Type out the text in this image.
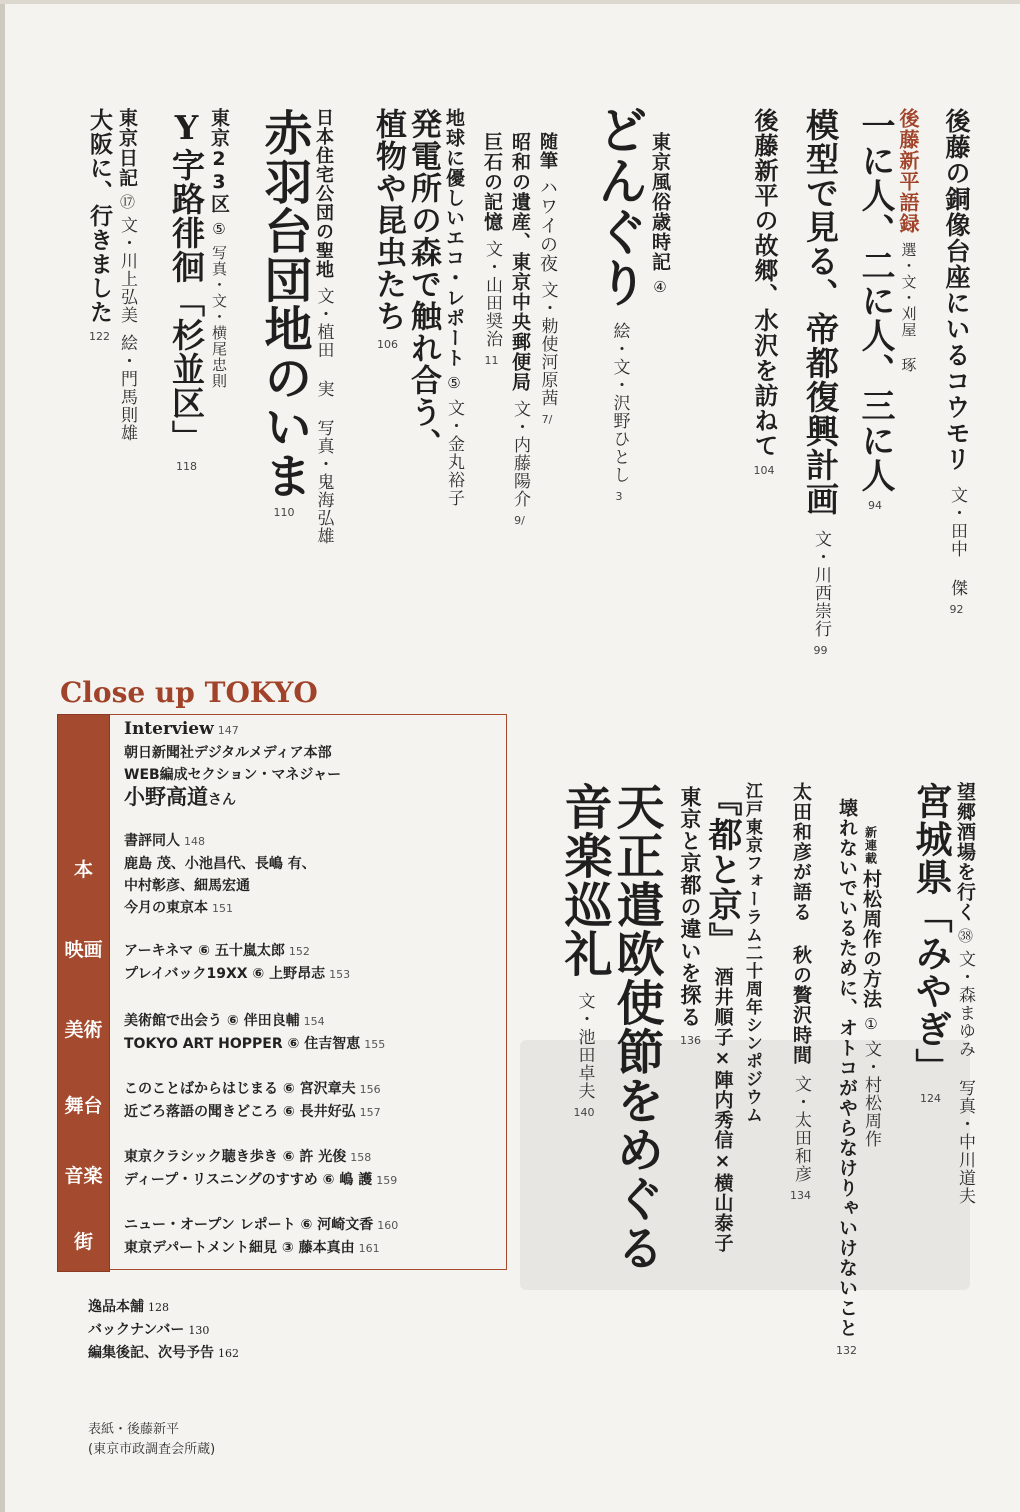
後藤の銅像台座にいるコウモリ
文・田中 傑
92
後藤新平の故郷、水沢を訪ねて
104
後藤新平語録
選・文・刈屋 琢
一に人、二に人、三に人
94
模型で見る、帝都復興計画
文・川西崇行
99
東京風俗歳時記
④
どんぐり
絵・文・沢野ひとし
3
随筆
ハワイの夜
文・勅使河原茜
7/
昭和の遺産、東京中央郵便局
文・内藤陽介
9/
巨石の記憶
文・山田奨治
11
地球に優しいエコ・レポート
⑤
文・金丸裕子
発電所の森で触れ合う、
植物や昆虫たち
106
日本住宅公団の聖地
文・植田 実 写真・鬼海弘雄
赤羽台団地のいま
110
東京23区
⑤
写真・文・横尾忠則
Y字路徘徊「杉並区」
118
東京日記
⑰
文・川上弘美
絵・門馬則雄
大阪に、行きました
122
Close up TOKYO
本
映画
美術
舞台
音楽
街
Interview 147
朝日新聞社デジタルメディア本部
WEB編成セクション・マネジャー
小野高道さん
書評同人 148
鹿島 茂、小池昌代、長嶋 有、
中村彰彦、細馬宏通
今月の東京本 151
アーキネマ ⑥ 五十嵐太郎 152
プレイバック19XX ⑥ 上野昂志 153
美術館で出会う ⑥ 伴田良輔 154
TOKYO ART HOPPER ⑥ 住吉智恵 155
このことばからはじまる ⑥ 宮沢章夫 156
近ごろ落語の聞きどころ ⑥ 長井好弘 157
東京クラシック聴き歩き ⑥ 許 光俊 158
ディープ・リスニングのすすめ ⑥ 嶋 護 159
ニュー・オープン レポート ⑥ 河崎文香 160
東京デパートメント細見 ③ 藤本真由 161
逸品本舗 128
バックナンバー 130
編集後記、次号予告 162
表紙・後藤新平
(東京市政調査会所蔵)
望郷酒場を行く
㊳
文・森まゆみ 写真・中川道夫
宮城県「みやぎ」
124
新連載
村松周作の方法
①
文・村松周作
壊れないでいるために、オトコがやらなけりゃいけないこと
132
太田和彦が語る 秋の贅沢時間
文・太田和彦
134
江戸東京フォーラム二十周年シンポジウム
『都と京』
酒井順子×陣内秀信×横山泰子
東京と京都の違いを探る
136
天正遣欧使節をめぐる
音楽巡礼
文・池田卓夫
140
